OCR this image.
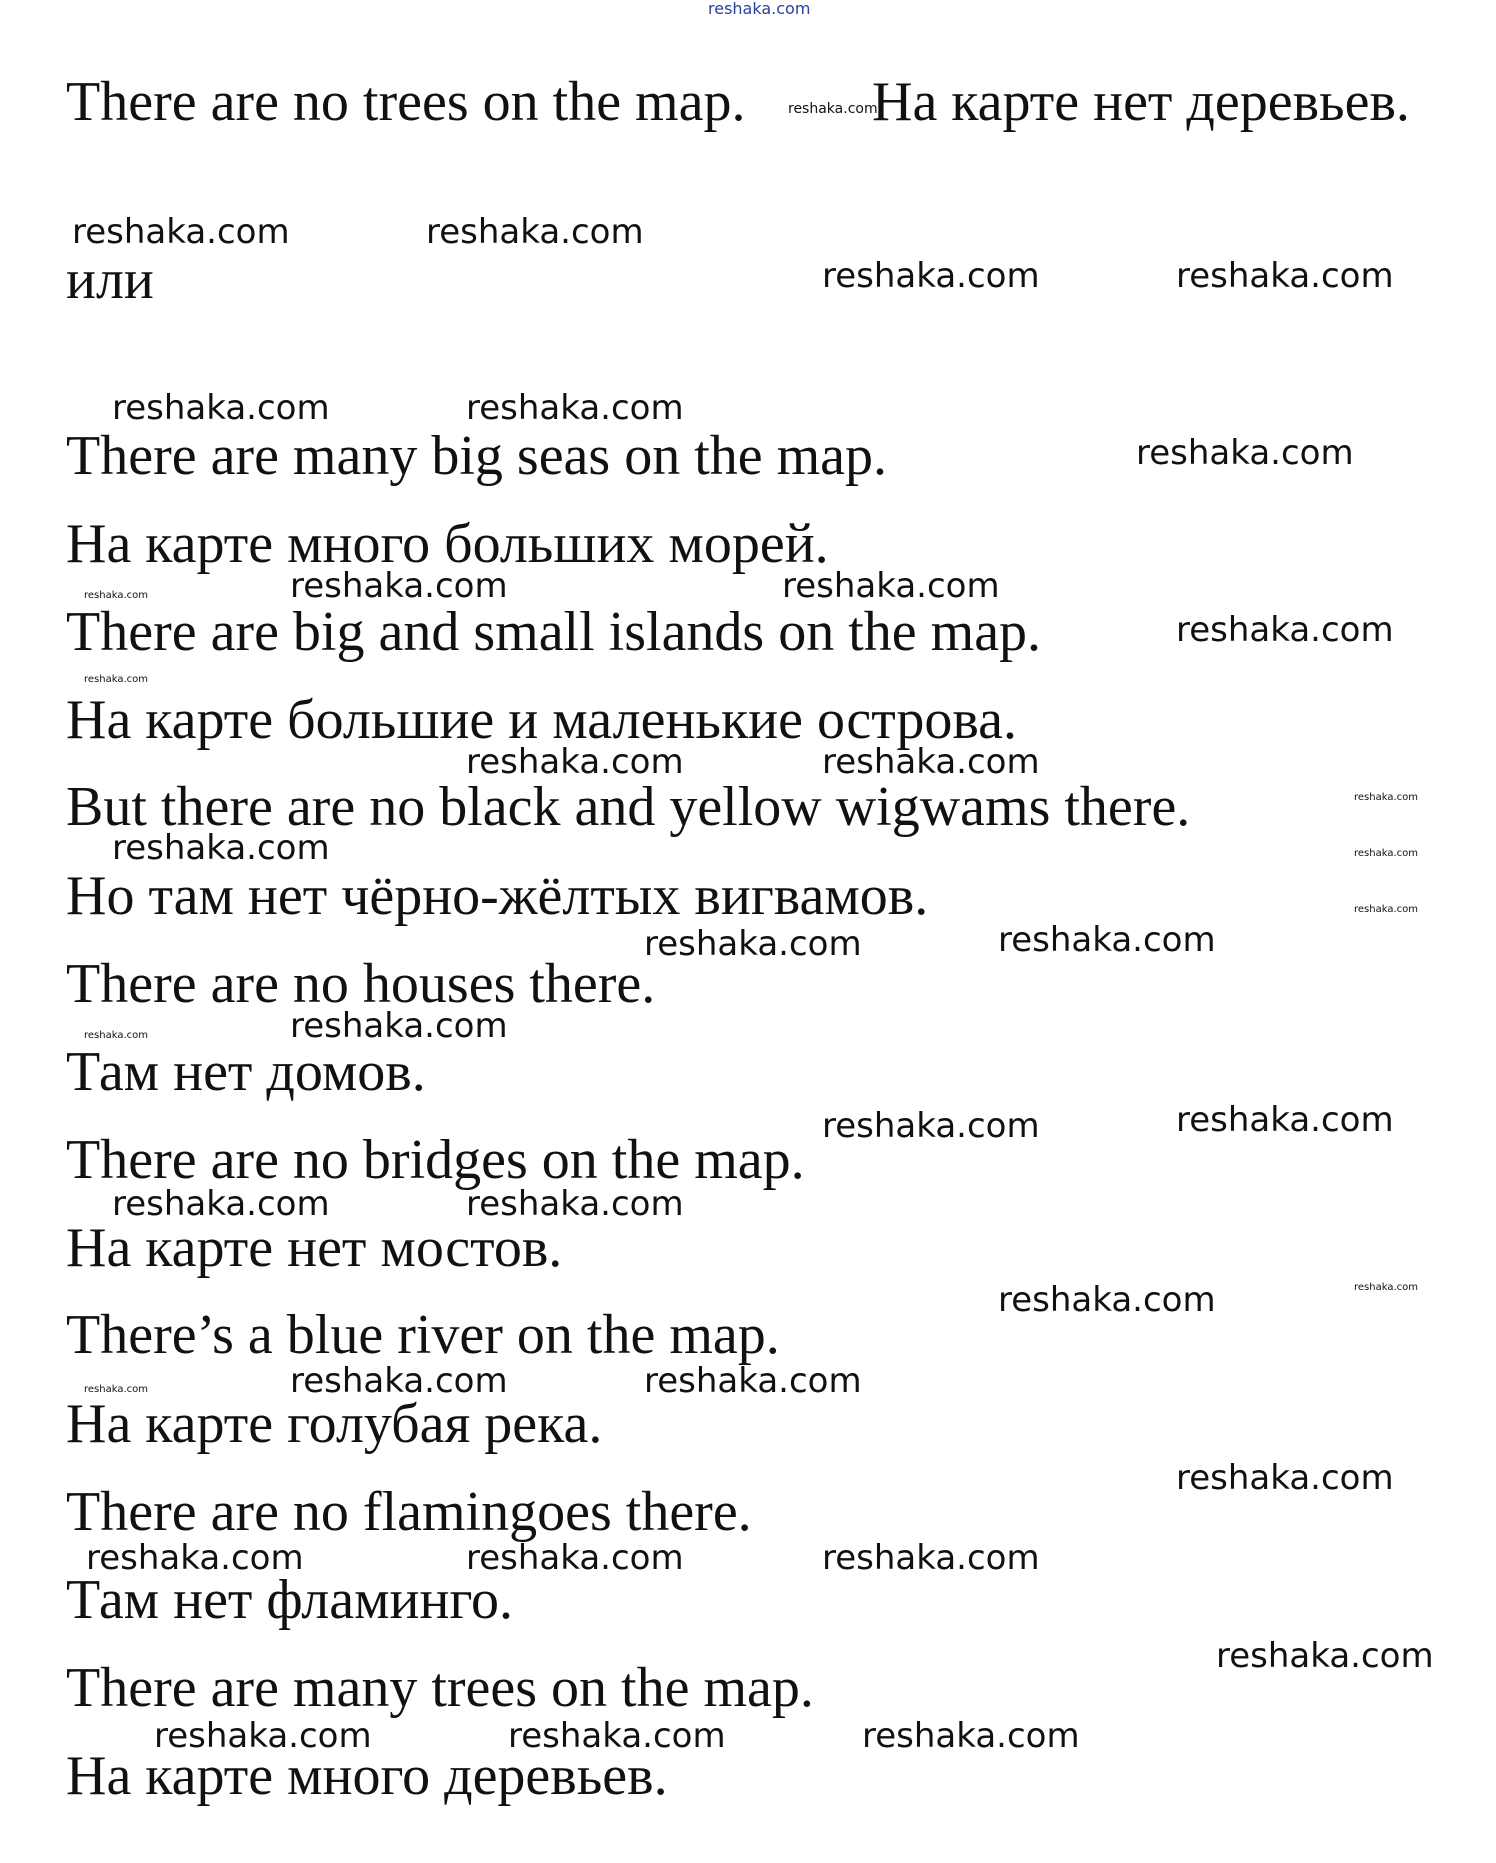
reshaka.com

There are no trees on the map.	reshaka.com

На карте нет деревьев.

или

There are many big seas on the map.

На карте много больших морей.

There are big and small islands on the map.

На карте большие и маленькие острова.

But there are no black and yellow wigwams there.

Но там нет чёрно-жёлтых вигвамов.

There are no houses there.

Там нет домов.

There are no bridges on the map.

На карте нет мостов.

There’s a blue river on the map.

На карте голубая река.

There are no flamingoes there.

Там нет фламинго.

There are many trees on the map.

На карте много деревьев.

reshaka.com	reshaka.com
reshaka.com	reshaka.com
reshaka.com	reshaka.com
reshaka.com
reshaka.com	reshaka.com
reshaka.com
reshaka.com	reshaka.com
reshaka.com
reshaka.com	reshaka.com
reshaka.com
reshaka.com	reshaka.com
reshaka.com	reshaka.com
reshaka.com
reshaka.com	reshaka.com
reshaka.com
reshaka.com	reshaka.com	reshaka.com
reshaka.com
reshaka.com	reshaka.com	reshaka.com
reshaka.com
reshaka.com
reshaka.com
reshaka.com
reshaka.com
reshaka.com
reshaka.com
reshaka.com
